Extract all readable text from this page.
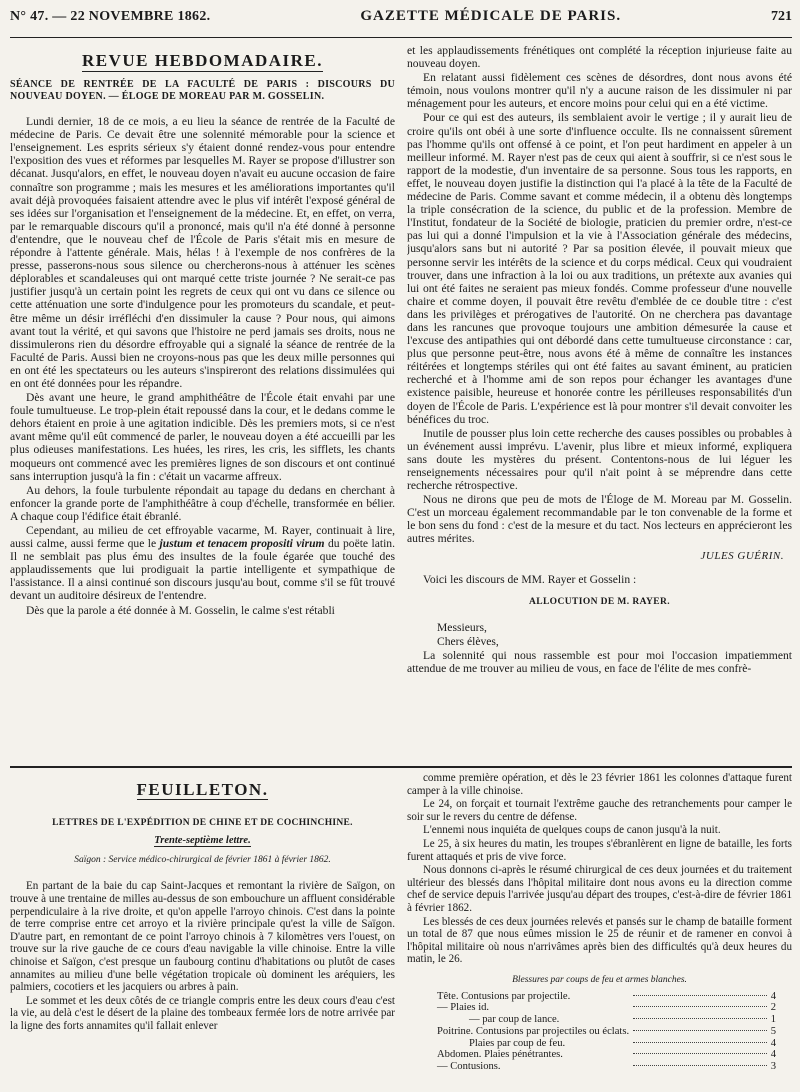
N° 47. — 22 NOVEMBRE 1862.	GAZETTE MÉDICALE DE PARIS.	721
REVUE HEBDOMADAIRE.
SÉANCE DE RENTRÉE DE LA FACULTÉ DE PARIS : DISCOURS DU NOUVEAU DOYEN. — ÉLOGE DE MOREAU PAR M. GOSSELIN.

Lundi dernier, 18 de ce mois, a eu lieu la séance de rentrée de la Faculté de médecine de Paris. Ce devait être une solennité mémorable pour la science et l'enseignement. Les esprits sérieux s'y étaient donné rendez-vous pour entendre l'exposition des vues et réformes par lesquelles M. Rayer se propose d'illustrer son décanat. Jusqu'alors, en effet, le nouveau doyen n'avait eu aucune occasion de faire connaître son programme ; mais les mesures et les améliorations importantes qu'il avait déjà provoquées faisaient attendre avec le plus vif intérêt l'exposé général de ses idées sur l'organisation et l'enseignement de la médecine. Et, en effet, on verra, par le remarquable discours qu'il a prononcé, mais qu'il n'a été donné à personne d'entendre, que le nouveau chef de l'École de Paris s'était mis en mesure de répondre à l'attente générale. Mais, hélas ! à l'exemple de nos confrères de la presse, passerons-nous sous silence ou chercherons-nous à atténuer les scènes déplorables et scandaleuses qui ont marqué cette triste journée ? Ne serait-ce pas justifier jusqu'à un certain point les regrets de ceux qui ont vu dans ce silence ou cette atténuation une sorte d'indulgence pour les promoteurs du scandale, et peut-être même un désir irréfléchi d'en dissimuler la cause ? Pour nous, qui aimons avant tout la vérité, et qui savons que l'histoire ne perd jamais ses droits, nous ne dissimulerons rien du désordre effroyable qui a signalé la séance de rentrée de la Faculté de Paris. Aussi bien ne croyons-nous pas que les deux mille personnes qui en ont été les spectateurs ou les auteurs s'inspireront des relations dissimulées qui en ont été données pour les répandre.

Dès avant une heure, le grand amphithéâtre de l'École était envahi par une foule tumultueuse. Le trop-plein était repoussé dans la cour, et le dedans comme le dehors étaient en proie à une agitation indicible. Dès les premiers mots, si ce n'est avant même qu'il eût commencé de parler, le nouveau doyen a été accueilli par les plus odieuses manifestations. Les huées, les rires, les cris, les sifflets, les chants moqueurs ont commencé avec les premières lignes de son discours et ont continué sans interruption jusqu'à la fin : c'était un vacarme affreux.

Au dehors, la foule turbulente répondait au tapage du dedans en cherchant à enfoncer la grande porte de l'amphithéâtre à coup d'échelle, transformée en bélier. A chaque coup l'édifice était ébranlé.

Cependant, au milieu de cet effroyable vacarme, M. Rayer, continuait à lire, aussi calme, aussi ferme que le justum et tenacem propositi virum du poëte latin. Il ne semblait pas plus ému des insultes de la foule égarée que touché des applaudissements que lui prodiguait la partie intelligente et sympathique de l'assistance. Il a ainsi continué son discours jusqu'au bout, comme s'il se fût trouvé devant un auditoire désireux de l'entendre.

Dès que la parole a été donnée à M. Gosselin, le calme s'est rétabli

et les applaudissements frénétiques ont complété la réception injurieuse faite au nouveau doyen.

En relatant aussi fidèlement ces scènes de désordres, dont nous avons été témoin, nous voulons montrer qu'il n'y a aucune raison de les dissimuler ni par ménagement pour les auteurs, et encore moins pour celui qui en a été victime.

Pour ce qui est des auteurs, ils semblaient avoir le vertige ; il y aurait lieu de croire qu'ils ont obéi à une sorte d'influence occulte. Ils ne connaissent sûrement pas l'homme qu'ils ont offensé à ce point, et l'on peut hardiment en appeler à un meilleur informé. M. Rayer n'est pas de ceux qui aient à souffrir, si ce n'est sous le rapport de la modestie, d'un inventaire de sa personne. Sous tous les rapports, en effet, le nouveau doyen justifie la distinction qui l'a placé à la tête de la Faculté de médecine de Paris. Comme savant et comme médecin, il a obtenu dès longtemps la triple consécration de la science, du public et de la profession. Membre de l'Institut, fondateur de la Société de biologie, praticien du premier ordre, n'est-ce pas lui qui a donné l'impulsion et la vie à l'Association générale des médecins, jusqu'alors sans but ni autorité ? Par sa position élevée, il pouvait mieux que personne servir les intérêts de la science et du corps médical. Ceux qui voudraient trouver, dans une infraction à la loi ou aux traditions, un prétexte aux avanies qui lui ont été faites ne seraient pas mieux fondés. Comme professeur d'une nouvelle chaire et comme doyen, il pouvait être revêtu d'emblée de ce double titre : c'est dans les privilèges et prérogatives de l'autorité. On ne cherchera pas davantage dans les rancunes que provoque toujours une ambition démesurée la cause et l'excuse des antipathies qui ont débordé dans cette tumultueuse circonstance : car, plus que personne peut-être, nous avons été à même de connaître les instances réitérées et longtemps stériles qui ont été faites au savant éminent, au praticien recherché et à l'homme ami de son repos pour échanger les avantages d'une existence paisible, heureuse et honorée contre les périlleuses responsabilités d'un doyen de l'École de Paris. L'expérience est là pour montrer s'il devait convoiter les bénéfices du troc.

Inutile de pousser plus loin cette recherche des causes possibles ou probables à un événement aussi imprévu. L'avenir, plus libre et mieux informé, expliquera sans doute les mystères du présent. Contentons-nous de lui léguer les renseignements nécessaires pour qu'il n'ait point à se méprendre dans cette recherche rétrospective.

Nous ne dirons que peu de mots de l'Éloge de M. Moreau par M. Gosselin. C'est un morceau également recommandable par le ton convenable de la forme et le bon sens du fond : c'est de la mesure et du tact. Nos lecteurs en apprécieront les autres mérites.

JULES GUÉRIN.

Voici les discours de MM. Rayer et Gosselin :

ALLOCUTION DE M. RAYER.

Messieurs,

Chers élèves,

La solennité qui nous rassemble est pour moi l'occasion impatiemment attendue de me trouver au milieu de vous, en face de l'élite de mes confrè-

FEUILLETON.
LETTRES DE L'EXPÉDITION DE CHINE ET DE COCHINCHINE.
Trente-septième lettre.
Saïgon : Service médico-chirurgical de février 1861 à février 1862.

En partant de la baie du cap Saint-Jacques et remontant la rivière de Saïgon, on trouve à une trentaine de milles au-dessus de son embouchure un affluent considérable perpendiculaire à la rive droite, et qu'on appelle l'arroyo chinois. C'est dans la pointe de terre comprise entre cet arroyo et la rivière principale qu'est la ville de Saïgon. D'autre part, en remontant de ce point l'arroyo chinois à 7 kilomètres vers l'ouest, on trouve sur la rive gauche de ce cours d'eau navigable la ville chinoise. Entre la ville chinoise et Saïgon, c'est presque un faubourg continu d'habitations ou plutôt de cases annamites au milieu d'une belle végétation tropicale où dominent les aréquiers, les palmiers, cocotiers et les jacquiers ou arbres à pain.

Le sommet et les deux côtés de ce triangle compris entre les deux cours d'eau c'est la vie, au delà c'est le désert de la plaine des tombeaux fermée lors de notre arrivée par la ligne des forts annamites qu'il fallait enlever

comme première opération, et dès le 23 février 1861 les colonnes d'attaque furent camper à la ville chinoise.

Le 24, on forçait et tournait l'extrême gauche des retranchements pour camper le soir sur le revers du centre de défense.

L'ennemi nous inquiéta de quelques coups de canon jusqu'à la nuit.

Le 25, à six heures du matin, les troupes s'ébranlèrent en ligne de bataille, les forts furent attaqués et pris de vive force.

Nous donnons ci-après le résumé chirurgical de ces deux journées et du traitement ultérieur des blessés dans l'hôpital militaire dont nous avons eu la direction comme chef de service depuis l'arrivée jusqu'au départ des troupes, c'est-à-dire de février 1861 à février 1862.

Les blessés de ces deux journées relevés et pansés sur le champ de bataille forment un total de 87 que nous eûmes mission le 25 de réunir et de ramener en convoi à l'hôpital militaire où nous n'arrivâmes après bien des difficultés qu'à deux heures du matin, le 26.

Blessures par coups de feu et armes blanches.
Tête. Contusions par projectile.		4
— Plaies id.		2
— par coup de lance.		1
Poitrine. Contusions par projectiles ou éclats.		5
Plaies par coup de feu.		4
Abdomen. Plaies pénétrantes.		4
— Contusions.		3
